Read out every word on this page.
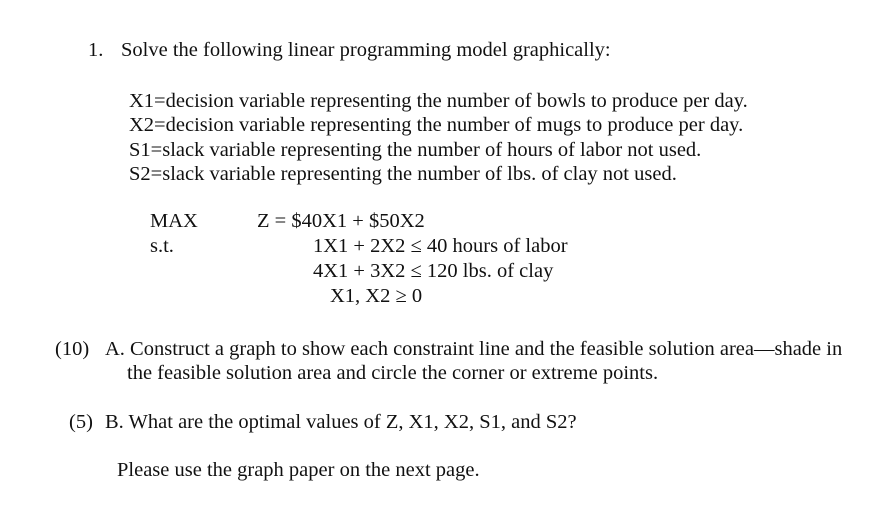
1. Solve the following linear programming model graphically:
X1=decision variable representing the number of bowls to produce per day.
X2=decision variable representing the number of mugs to produce per day.
S1=slack variable representing the number of hours of labor not used.
S2=slack variable representing the number of lbs. of clay not used.
MAX
s.t.
Z = $40X1 + $50X2
1X1 + 2X2 ≤ 40 hours of labor
4X1 + 3X2 ≤ 120 lbs. of clay
X1, X2 ≥ 0
(10) A. Construct a graph to show each constraint line and the feasible solution area—shade in
the feasible solution area and circle the corner or extreme points.
(5) B. What are the optimal values of Z, X1, X2, S1, and S2?
Please use the graph paper on the next page.
